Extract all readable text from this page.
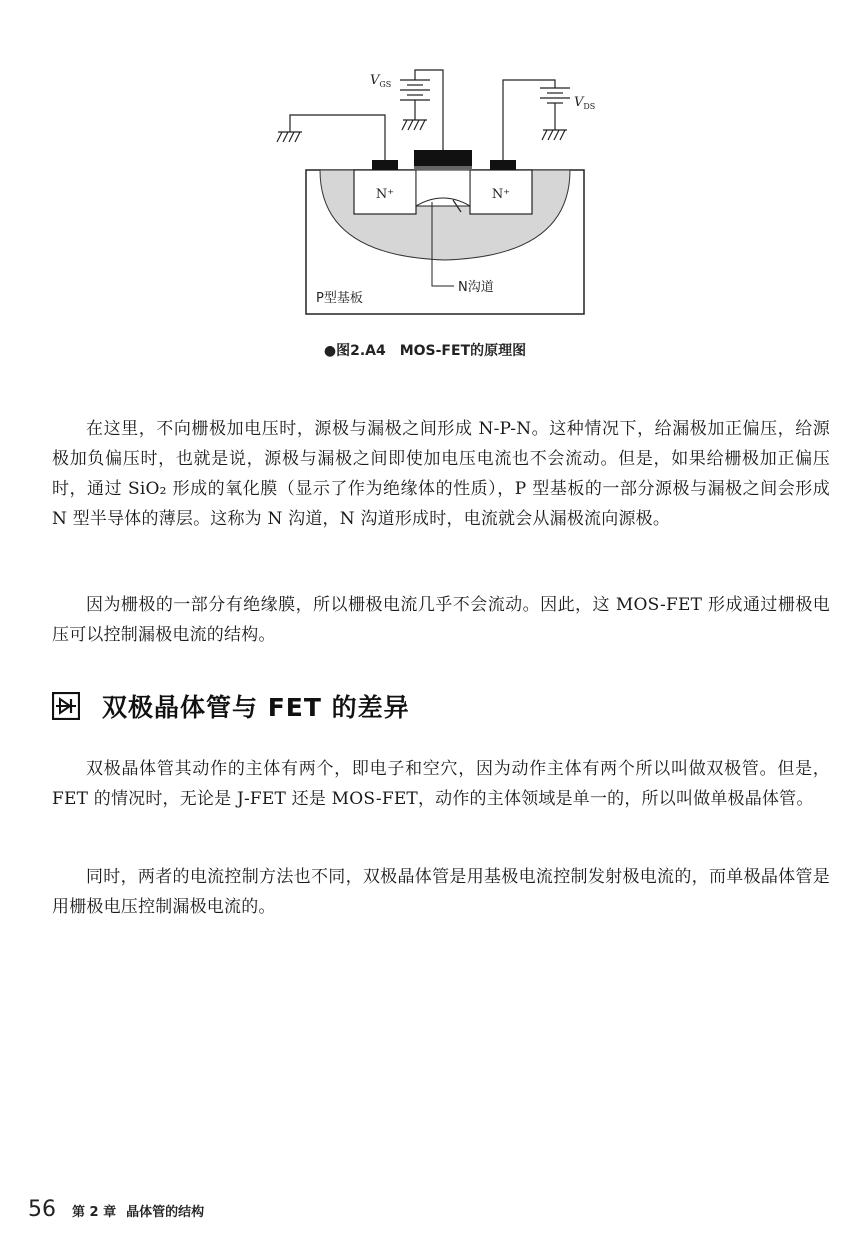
$V_{GS}$
$V_{DS}$
N⁺	N⁺
N沟道
P型基板
●图2.A4　MOS-FET的原理图

在这里，不向栅极加电压时，源极与漏极之间形成 N-P-N。这种情况下，给漏极加正偏压，给源极加负偏压时，也就是说，源极与漏极之间即使加电压电流也不会流动。但是，如果给栅极加正偏压时，通过 SiO₂ 形成的氧化膜（显示了作为绝缘体的性质），P 型基板的一部分源极与漏极之间会形成 N 型半导体的薄层。这称为 N 沟道，N 沟道形成时，电流就会从漏极流向源极。

因为栅极的一部分有绝缘膜，所以栅极电流几乎不会流动。因此，这 MOS-FET 形成通过栅极电压可以控制漏极电流的结构。

双极晶体管与 FET 的差异

双极晶体管其动作的主体有两个，即电子和空穴，因为动作主体有两个所以叫做双极管。但是，FET 的情况时，无论是 J-FET 还是 MOS-FET，动作的主体领域是单一的，所以叫做单极晶体管。

同时，两者的电流控制方法也不同，双极晶体管是用基极电流控制发射极电流的，而单极晶体管是用栅极电压控制漏极电流的。

56 第 2 章 晶体管的结构
